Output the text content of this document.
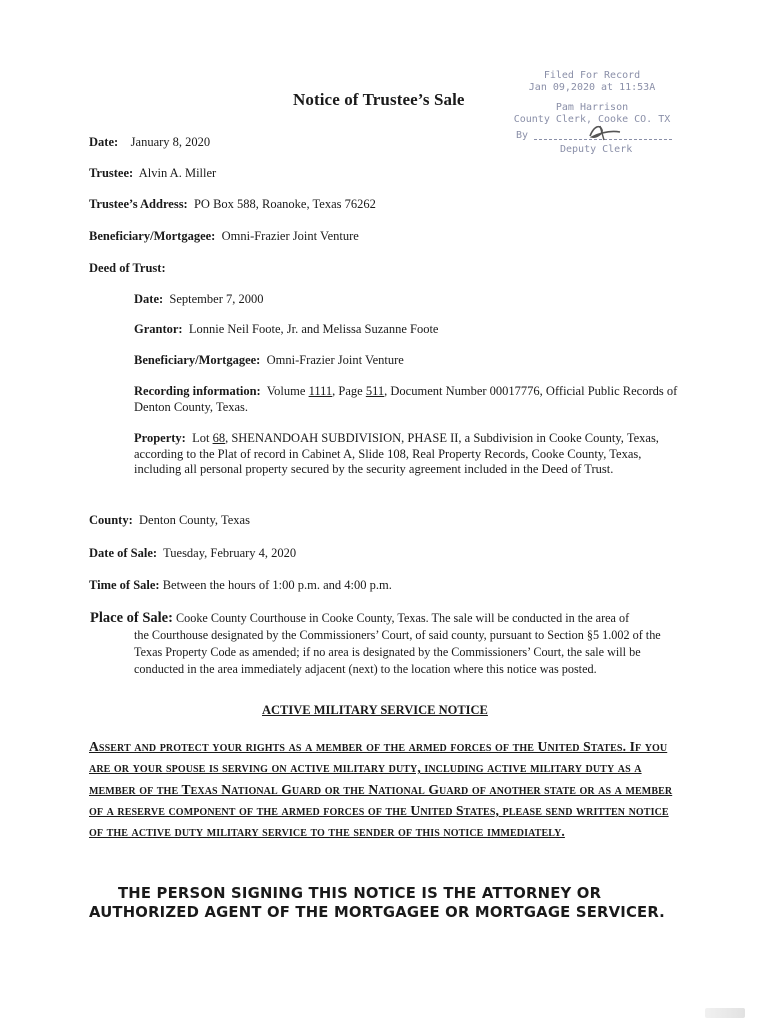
Filed For Record
Jan 09,2020 at 11:53A
Pam Harrison
County Clerk, Cooke CO. TX
By
Deputy Clerk
Notice of Trustee’s Sale
Date: January 8, 2020
Trustee: Alvin A. Miller
Trustee’s Address: PO Box 588, Roanoke, Texas 76262
Beneficiary/Mortgagee: Omni-Frazier Joint Venture
Deed of Trust:
Date: September 7, 2000
Grantor: Lonnie Neil Foote, Jr. and Melissa Suzanne Foote
Beneficiary/Mortgagee: Omni-Frazier Joint Venture
Recording information: Volume 1111, Page 511, Document Number 00017776, Official Public Records of Denton County, Texas.
Property: Lot 68, SHENANDOAH SUBDIVISION, PHASE II, a Subdivision in Cooke County, Texas, according to the Plat of record in Cabinet A, Slide 108, Real Property Records, Cooke County, Texas, including all personal property secured by the security agreement included in the Deed of Trust.
County: Denton County, Texas
Date of Sale: Tuesday, February 4, 2020
Time of Sale: Between the hours of 1:00 p.m. and 4:00 p.m.
Place of Sale: Cooke County Courthouse in Cooke County, Texas. The sale will be conducted in the area of
the Courthouse designated by the Commissioners’ Court, of said county, pursuant to Section §5 1.002 of the Texas Property Code as amended; if no area is designated by the Commissioners’ Court, the sale will be conducted in the area immediately adjacent (next) to the location where this notice was posted.
ACTIVE MILITARY SERVICE NOTICE
Assert and protect your rights as a member of the armed forces of the United States. If you are or your spouse is serving on active military duty, including active military duty as a member of the Texas National Guard or the National Guard of another state or as a member of a reserve component of the armed forces of the United States, please send written notice of the active duty military service to the sender of this notice immediately.
THE PERSON SIGNING THIS NOTICE IS THE ATTORNEY OR
AUTHORIZED AGENT OF THE MORTGAGEE OR MORTGAGE SERVICER.
